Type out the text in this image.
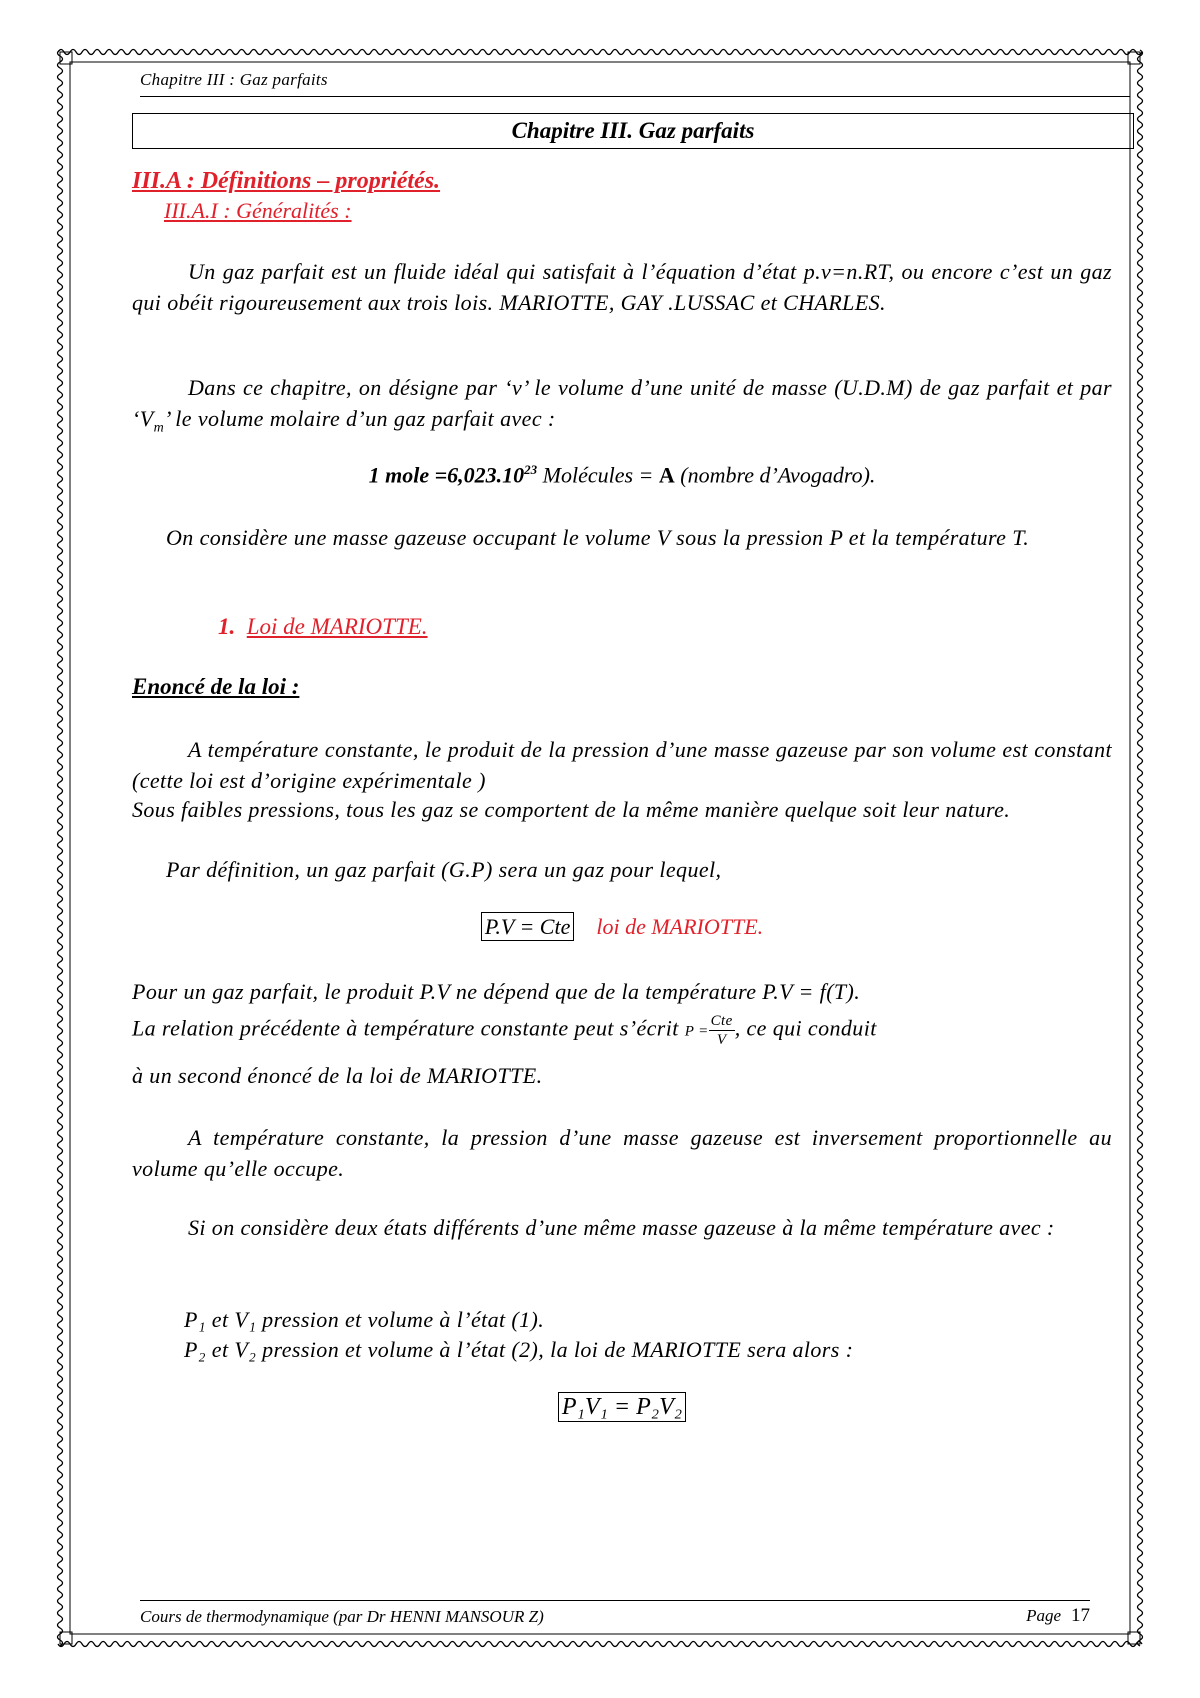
Chapitre III : Gaz parfaits
Chapitre III. Gaz parfaits
III.A : Définitions – propriétés.
III.A.I : Généralités :

Un gaz parfait est un fluide idéal qui satisfait à l’équation d’état p.v=n.RT, ou encore c’est un gaz qui obéit rigoureusement aux trois lois. MARIOTTE, GAY .LUSSAC et CHARLES.

Dans ce chapitre, on désigne par ‘v’ le volume d’une unité de masse (U.D.M) de gaz parfait et par ‘$V_m$’ le volume molaire d’un gaz parfait avec :

1 mole $=6,023.10^{23}$ Molécules = A (nombre d’Avogadro).

On considère une masse gazeuse occupant le volume V sous la pression P et la température T.

1. Loi de MARIOTTE.
Enoncé de la loi :

A température constante, le produit de la pression d’une masse gazeuse par son volume est constant (cette loi est d’origine expérimentale )

Sous faibles pressions, tous les gaz se comportent de la même manière quelque soit leur nature.

Par définition, un gaz parfait (G.P) sera un gaz pour lequel,

P.V = Cte loi de MARIOTTE.

Pour un gaz parfait, le produit P.V ne dépend que de la température P.V = f(T).

La relation précédente à température constante peut s’écrit $P = \frac{\text{Cte}}{V}$ , ce qui conduit

à un second énoncé de la loi de MARIOTTE.

A température constante, la pression d’une masse gazeuse est inversement proportionnelle au volume qu’elle occupe.

Si on considère deux états différents d’une même masse gazeuse à la même température avec :

P₁ et V₁ pression et volume à l’état (1).

P₂ et V₂ pression et volume à l’état (2), la loi de MARIOTTE sera alors :

P₁V₁ = P₂V₂
Cours de thermodynamique (par Dr HENNI MANSOUR Z)	Page 17
